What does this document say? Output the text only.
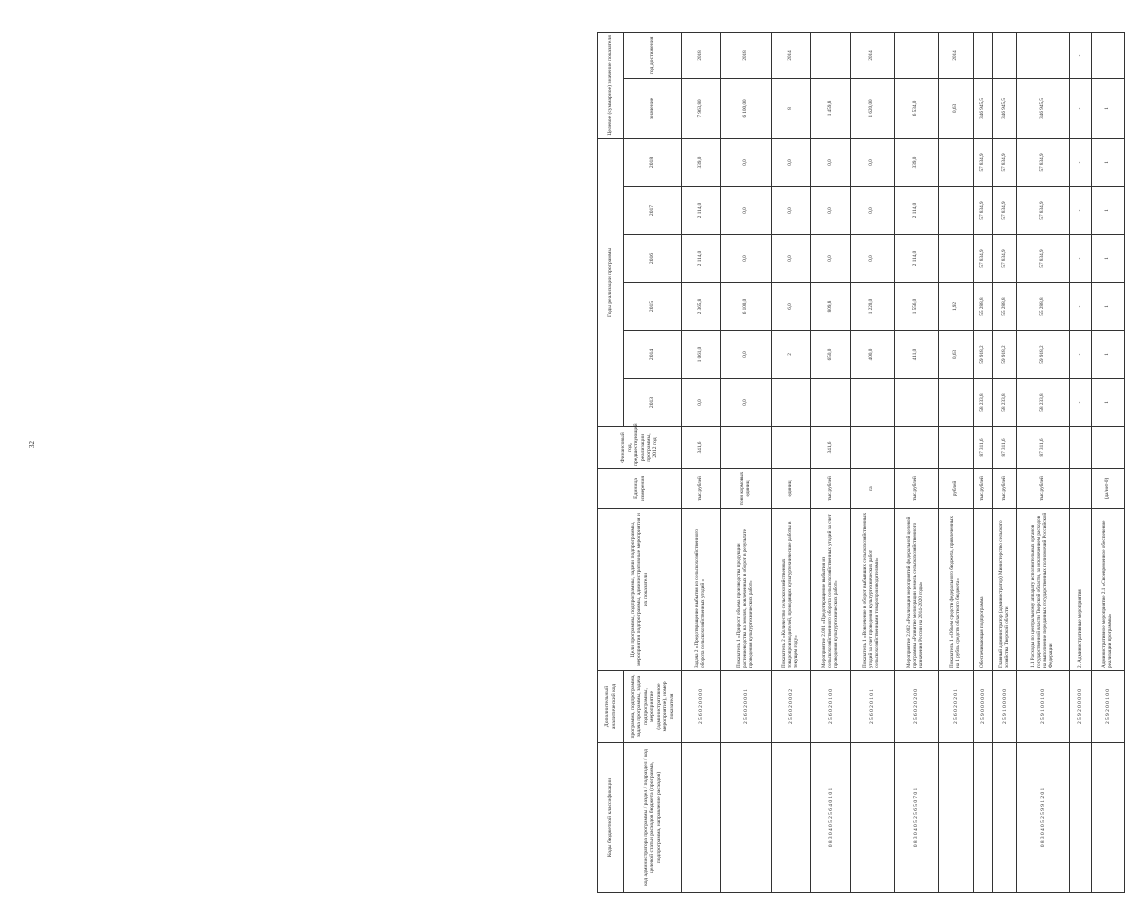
32
Коды бюджетной классификации	Дополнительный аналитический код	Цели программы, подпрограммы, задачи подпрограммы, мероприятия подпрограммы, административные мероприятия и их показатели	Единица измерения	Финансовый год, предшествующий реализации программы, 2012 год	Годы реализации программы						Целевое (суммарное) значение показателя	
код администратора программы / раздел / подраздел / код целевой статьи расходов бюджета (программа, подпрограмма, направление расходов)	программа, подпрограмма, задача программы, задача подпрограммы, мероприятие (административное мероприятие), номер показателя				2013	2014	2015	2016	2017	2018	значение	год достижения
	2 5 6 0 2 0 0 0 0	Задача 2 «Предотвращение выбытия из сельскохозяйственного оборота сельскохозяйственных угодий »	тыс.рублей	341,6	0,0	1 061,0	2 365,8	2 114,0	2 114,0	339,0	7 963,80	2018
	2 5 6 0 2 0 0 0 1	Показатель 1 «Прирост объема производства продукции растениеводства на землях, вовлеченных в оборот в результате проведения культуртехнических работ»	тонн кормовых единиц		0,0	0,0	6 100,0	0,0	0,0	0,0	6 100,00	2018
	2 5 6 0 2 0 0 0 2	Показатель 2 «Количество сельскохозяйственных товаропроизводителей, проводящих культуртехнические работы в текущем году»	единиц			2	6,0	0,0	0,0	0,0	8	2014
0 8 3 0 4 0 5 2 5 6 4 0 1 0 1	2 5 6 0 2 0 1 0 0	Мероприятие 2.001 «Предотвращение выбытия из сельскохозяйственного оборота сельскохозяйственных угодий за счет проведения культуртехнических работ»	тыс.рублей	341,6		650,0	809,8	0,0	0,0	0,0	1 459,8	
	2 5 6 0 2 0 1 0 1	Показатель 1 «Вовлечение в оборот выбывших сельскохозяйственных угодий за счет проведения культуртехнических работ сельскохозяйственными товаропроизводителями»	га			400,0	1 220,0	0,0	0,0	0,0	1 620,00	2014
0 8 3 0 4 0 5 2 5 6 5 0 7 0 1	2 5 6 0 2 0 2 0 0	Мероприятие 2.002 «Реализация мероприятий федеральной целевой программы «Развитие мелиорации земель сельскохозяйственного назначения России на 2014-2020 годы»	тыс.рублей			411,0	1 556,0	2 114,0	2 114,0	339,0	6 534,0	
	2 5 6 0 2 0 2 0 1	Показатель 1 «Объем средств федерального бюджета, привлеченных на 1 рубль средств областного бюджета»	рублей			0,63	1,92				0,63	2014
	2 5 9 0 0 0 0 0 0	Обеспечивающая подпрограмма	тыс.рублей	87 311,6	58 233,8	59 918,2	55 288,8	57 834,9	57 834,9	57 834,9	346 945,5	
	2 5 9 1 0 0 0 0 0	Главный администратор (администратор) Министерство сельского хозяйства Тверской области	тыс.рублей	87 311,6	58 233,8	59 918,2	55 288,8	57 834,9	57 834,9	57 834,9	346 945,5	
0 8 3 0 4 0 5 2 5 9 9 1 2 0 1	2 5 9 1 0 0 1 0 0	1.1 Расходы по центральному аппарату исполнительных органов государственной власти Тверской области, за исключением расходов на выполнение переданных государственных полномочий Российской Федерации	тыс.рублей	87 311,6	58 233,8	59 918,2	55 288,8	57 834,9	57 834,9	57 834,9	346 945,5	
	2 5 9 2 0 0 0 0 0	2. Административные мероприятия			-	-	-	-	-	-	-	-
	2 5 9 2 0 0 1 0 0	Административное мероприятие 2.1 «Своевременное обеспечение реализации программы»	(да/нет-0)		1	1	1	1	1	1	1	
